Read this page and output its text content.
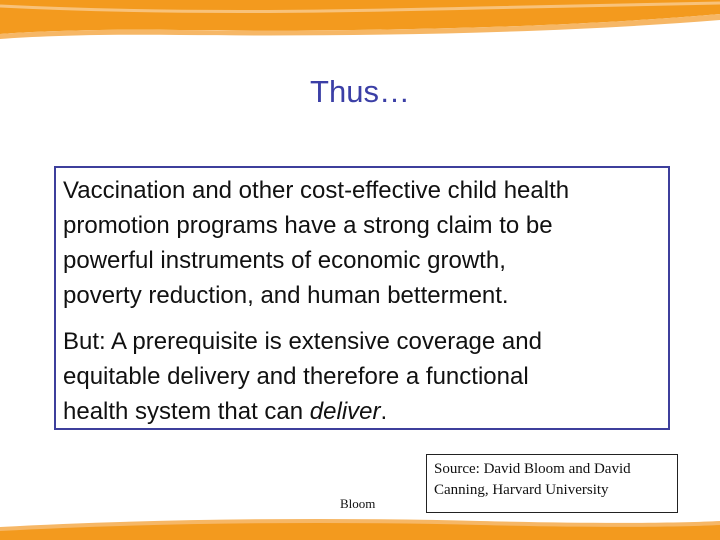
Thus…
Vaccination and other cost-effective child health
promotion programs have a strong claim to be
powerful instruments of economic growth,
poverty reduction, and human betterment.
But: A prerequisite is extensive coverage and
equitable delivery and therefore a functional
health system that can deliver.
Bloom
Source: David Bloom and David
Canning, Harvard University
